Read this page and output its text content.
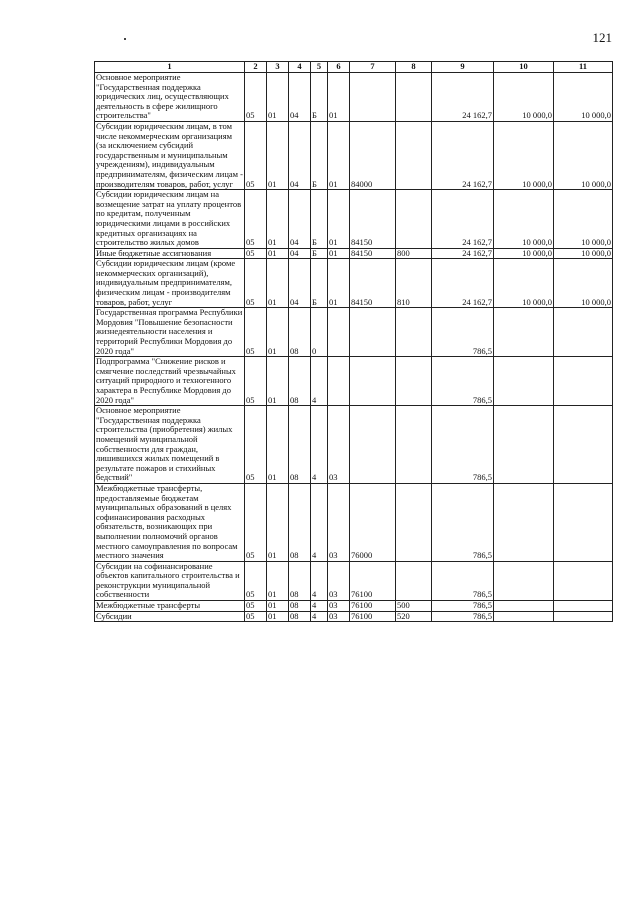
121
1	2	3	4	5	6	7	8	9	10	11
Основное мероприятие "Государственная поддержка юридических лиц, осуществляющих деятельность в сфере жилищного строительства"	05	01	04	Б	01			24 162,7	10 000,0	10 000,0
Субсидии юридическим лицам, в том числе некоммерческим организациям (за исключением субсидий государственным и муниципальным учреждениям), индивидуальным предпринимателям, физическим лицам - производителям товаров, работ, услуг	05	01	04	Б	01	84000		24 162,7	10 000,0	10 000,0
Субсидии юридическим лицам на возмещение затрат на уплату процентов по кредитам, полученным юридическими лицами в российских кредитных организациях на строительство жилых домов	05	01	04	Б	01	84150		24 162,7	10 000,0	10 000,0
Иные бюджетные ассигнования	05	01	04	Б	01	84150	800	24 162,7	10 000,0	10 000,0
Субсидии юридическим лицам (кроме некоммерческих организаций), индивидуальным предпринимателям, физическим лицам - производителям товаров, работ, услуг	05	01	04	Б	01	84150	810	24 162,7	10 000,0	10 000,0
Государственная программа Республики Мордовия "Повышение безопасности жизнедеятельности населения и территорий Республики Мордовия до 2020 года"	05	01	08	0				786,5		
Подпрограмма "Снижение рисков и смягчение последствий чрезвычайных ситуаций природного и техногенного характера в Республике Мордовия до 2020 года"	05	01	08	4				786,5		
Основное мероприятие "Государственная поддержка строительства (приобретения) жилых помещений муниципальной собственности для граждан, лишившихся жилых помещений в результате пожаров и стихийных бедствий"	05	01	08	4	03			786,5		
Межбюджетные трансферты, предоставляемые бюджетам муниципальных образований в целях софинансирования расходных обязательств, возникающих при выполнении полномочий органов местного самоуправления по вопросам местного значения	05	01	08	4	03	76000		786,5		
Субсидии на софинансирование объектов капитального строительства и реконструкции муниципальной собственности	05	01	08	4	03	76100		786,5		
Межбюджетные трансферты	05	01	08	4	03	76100	500	786,5		
Субсидии	05	01	08	4	03	76100	520	786,5		
